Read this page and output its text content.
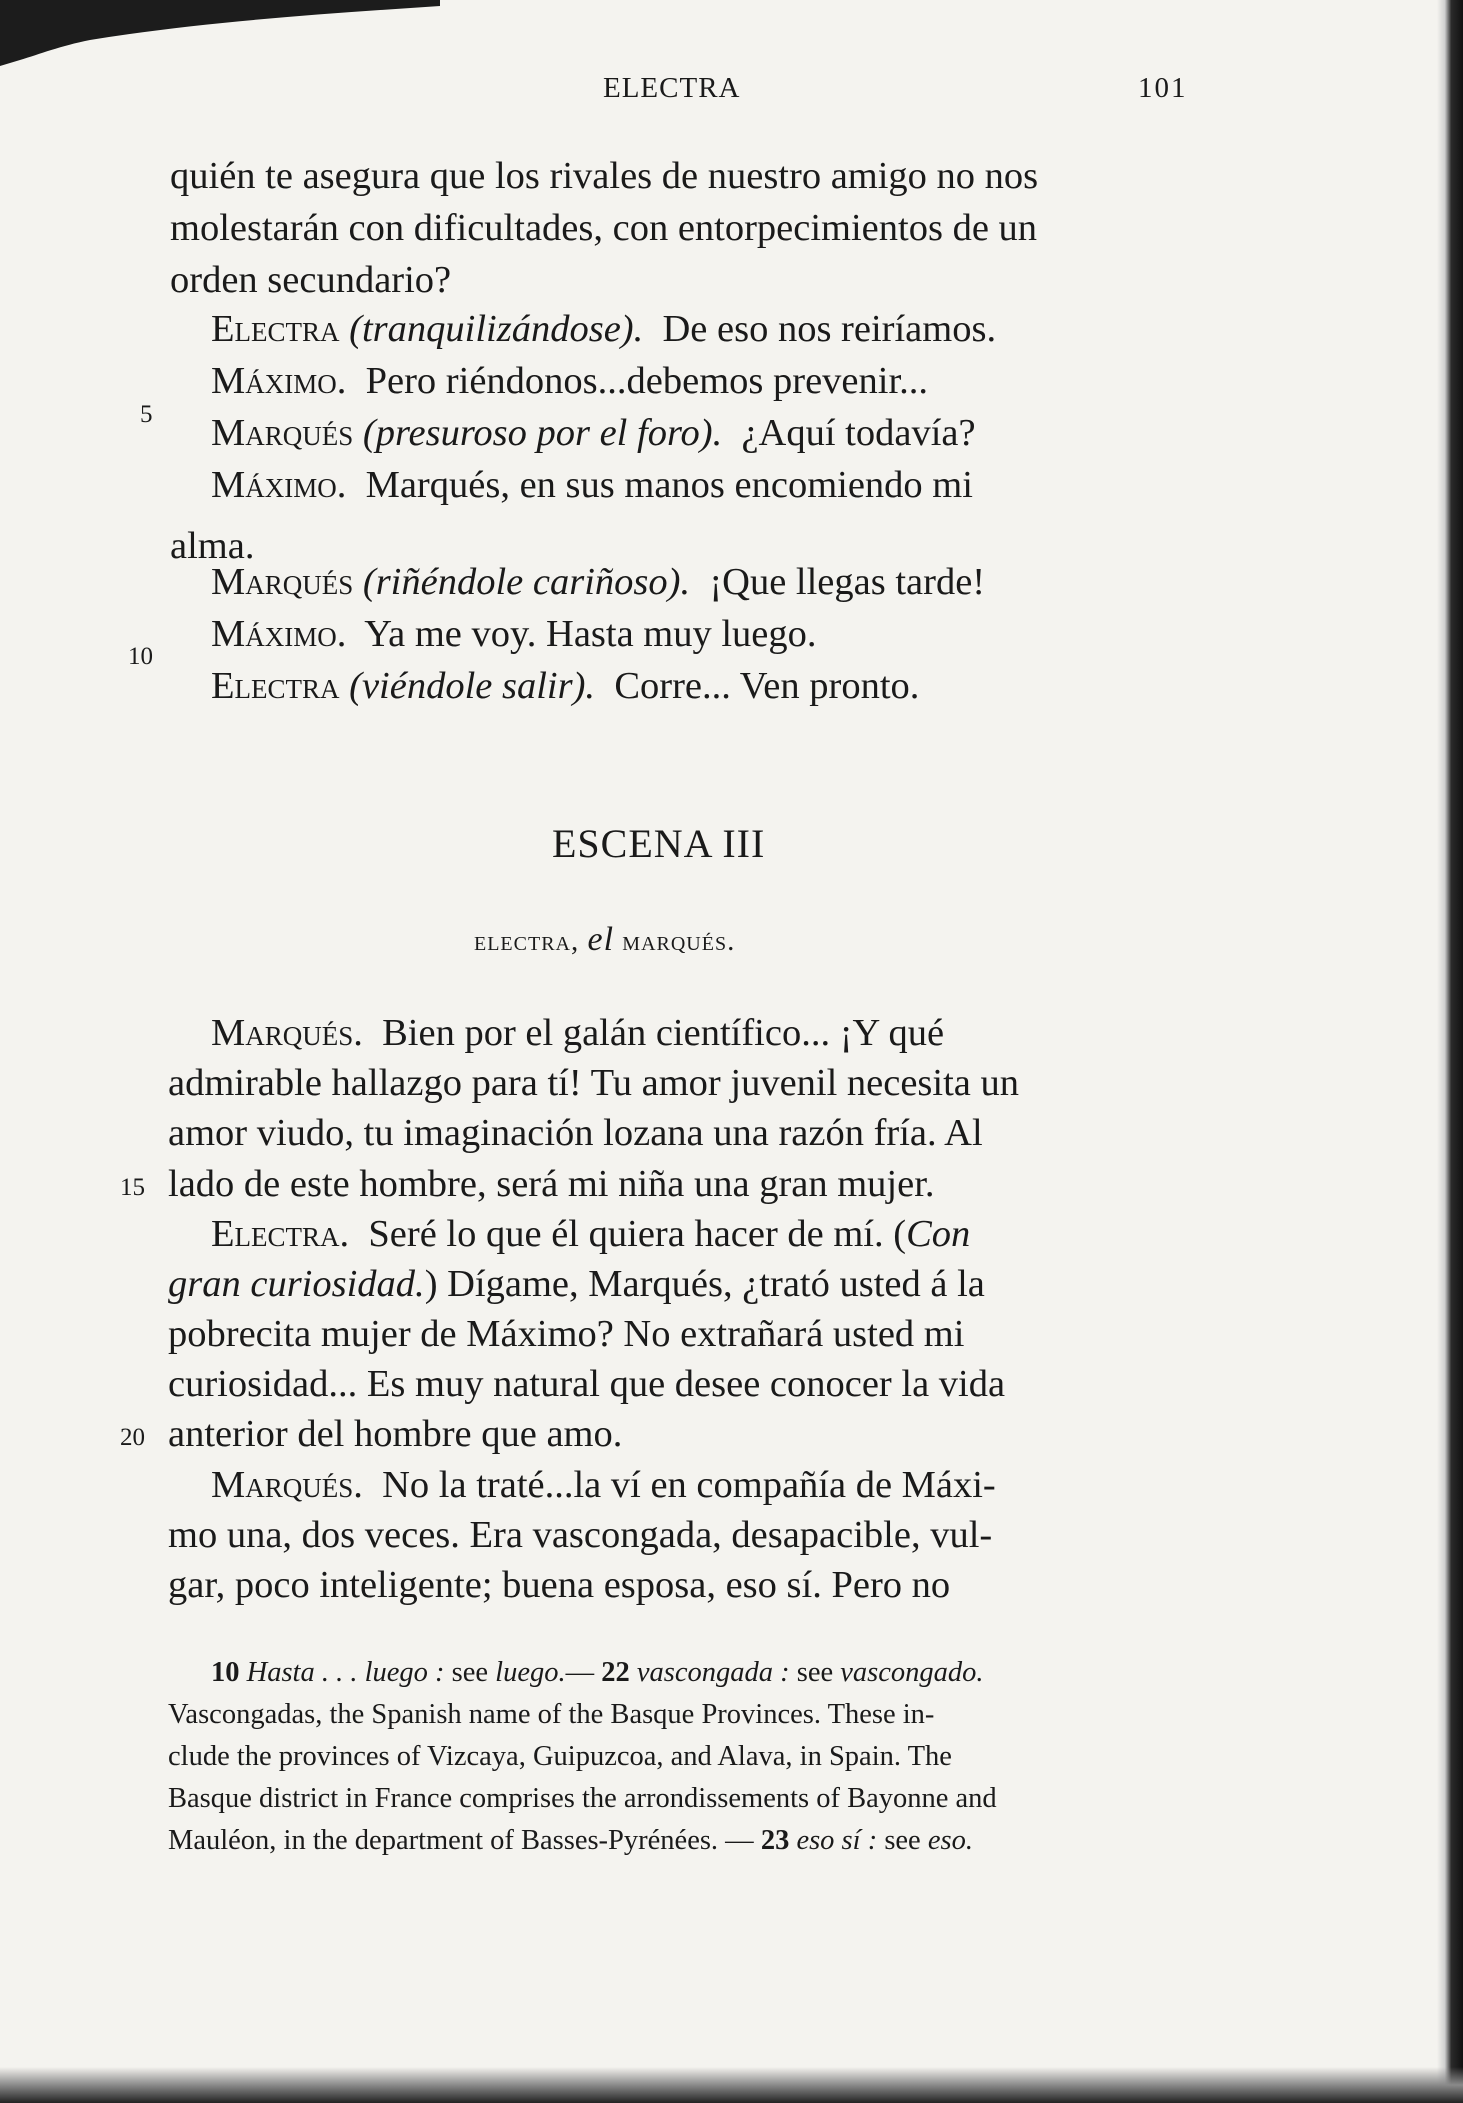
ELECTRA	101
quién te asegura que los rivales de nuestro amigo no nos
molestarán con dificultades, con entorpecimientos de un
orden secundario?
Electra (tranquilizándose). De eso nos reiríamos.
Máximo. Pero riéndonos...debemos prevenir...
Marqués (presuroso por el foro). ¿Aquí todavía?
Máximo. Marqués, en sus manos encomiendo mi
alma.
Marqués (riñéndole cariñoso). ¡Que llegas tarde!
Máximo. Ya me voy. Hasta muy luego.
Electra (viéndole salir). Corre... Ven pronto.
5
10
15
20
ESCENA III
electra, el marqués.
Marqués. Bien por el galán científico... ¡Y qué
admirable hallazgo para tí! Tu amor juvenil necesita un
amor viudo, tu imaginación lozana una razón fría. Al
lado de este hombre, será mi niña una gran mujer.
Electra. Seré lo que él quiera hacer de mí. (Con
gran curiosidad.) Dígame, Marqués, ¿trató usted á la
pobrecita mujer de Máximo? No extrañará usted mi
curiosidad... Es muy natural que desee conocer la vida
anterior del hombre que amo.
Marqués. No la traté...la ví en compañía de Máxi-
mo una, dos veces. Era vascongada, desapacible, vul-
gar, poco inteligente; buena esposa, eso sí. Pero no
10 Hasta . . . luego : see luego.— 22 vascongada : see vascongado.
Vascongadas, the Spanish name of the Basque Provinces. These in-
clude the provinces of Vizcaya, Guipuzcoa, and Alava, in Spain. The
Basque district in France comprises the arrondissements of Bayonne and
Mauléon, in the department of Basses-Pyrénées. — 23 eso sí : see eso.
